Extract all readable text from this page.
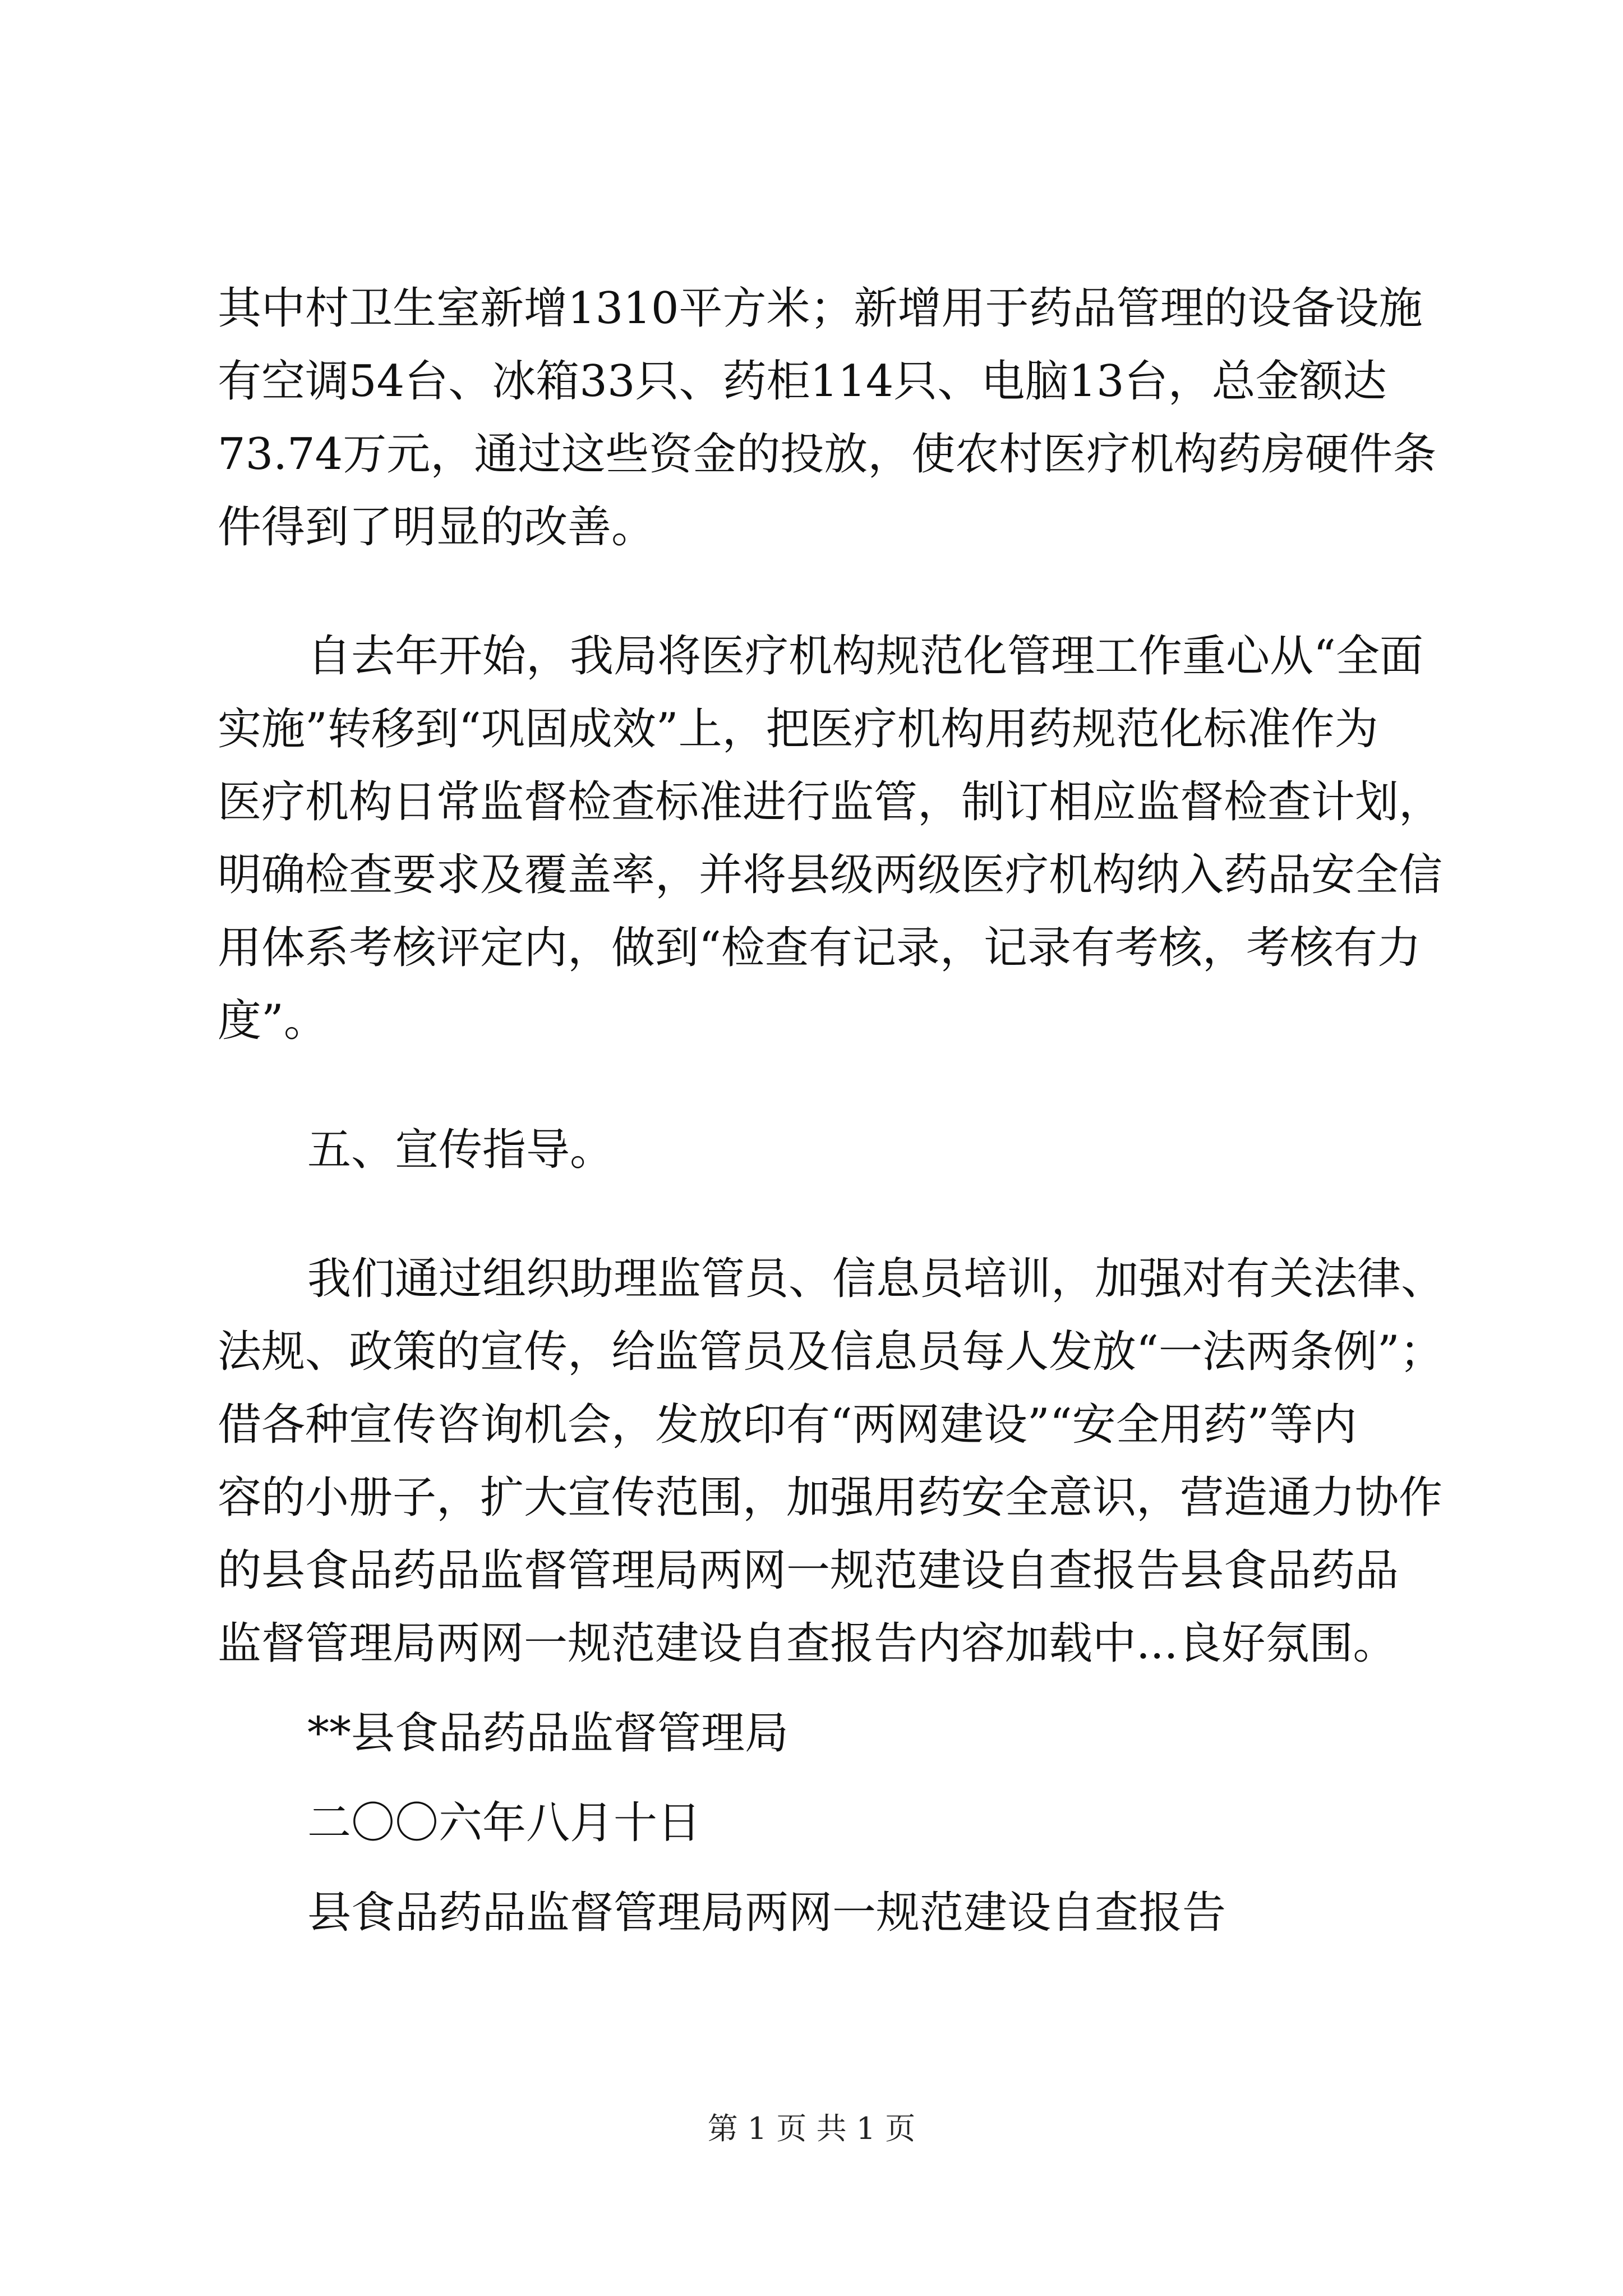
其中村卫生室新增1310平方米；新增用于药品管理的设备设施
有空调54台、冰箱33只、药柜114只、电脑13台，总金额达
73.74万元，通过这些资金的投放，使农村医疗机构药房硬件条
件得到了明显的改善。
自去年开始，我局将医疗机构规范化管理工作重心从“全面
实施”转移到“巩固成效”上，把医疗机构用药规范化标准作为
医疗机构日常监督检查标准进行监管，制订相应监督检查计划，
明确检查要求及覆盖率，并将县级两级医疗机构纳入药品安全信
用体系考核评定内，做到“检查有记录，记录有考核，考核有力
度”。
五、宣传指导。
我们通过组织助理监管员、信息员培训，加强对有关法律、
法规、政策的宣传，给监管员及信息员每人发放“一法两条例”；
借各种宣传咨询机会，发放印有“两网建设”“安全用药”等内
容的小册子，扩大宣传范围，加强用药安全意识，营造通力协作
的县食品药品监督管理局两网一规范建设自查报告县食品药品
监督管理局两网一规范建设自查报告内容加载中...良好氛围。
**县食品药品监督管理局
二〇〇六年八月十日
县食品药品监督管理局两网一规范建设自查报告
第 1 页 共 1 页
